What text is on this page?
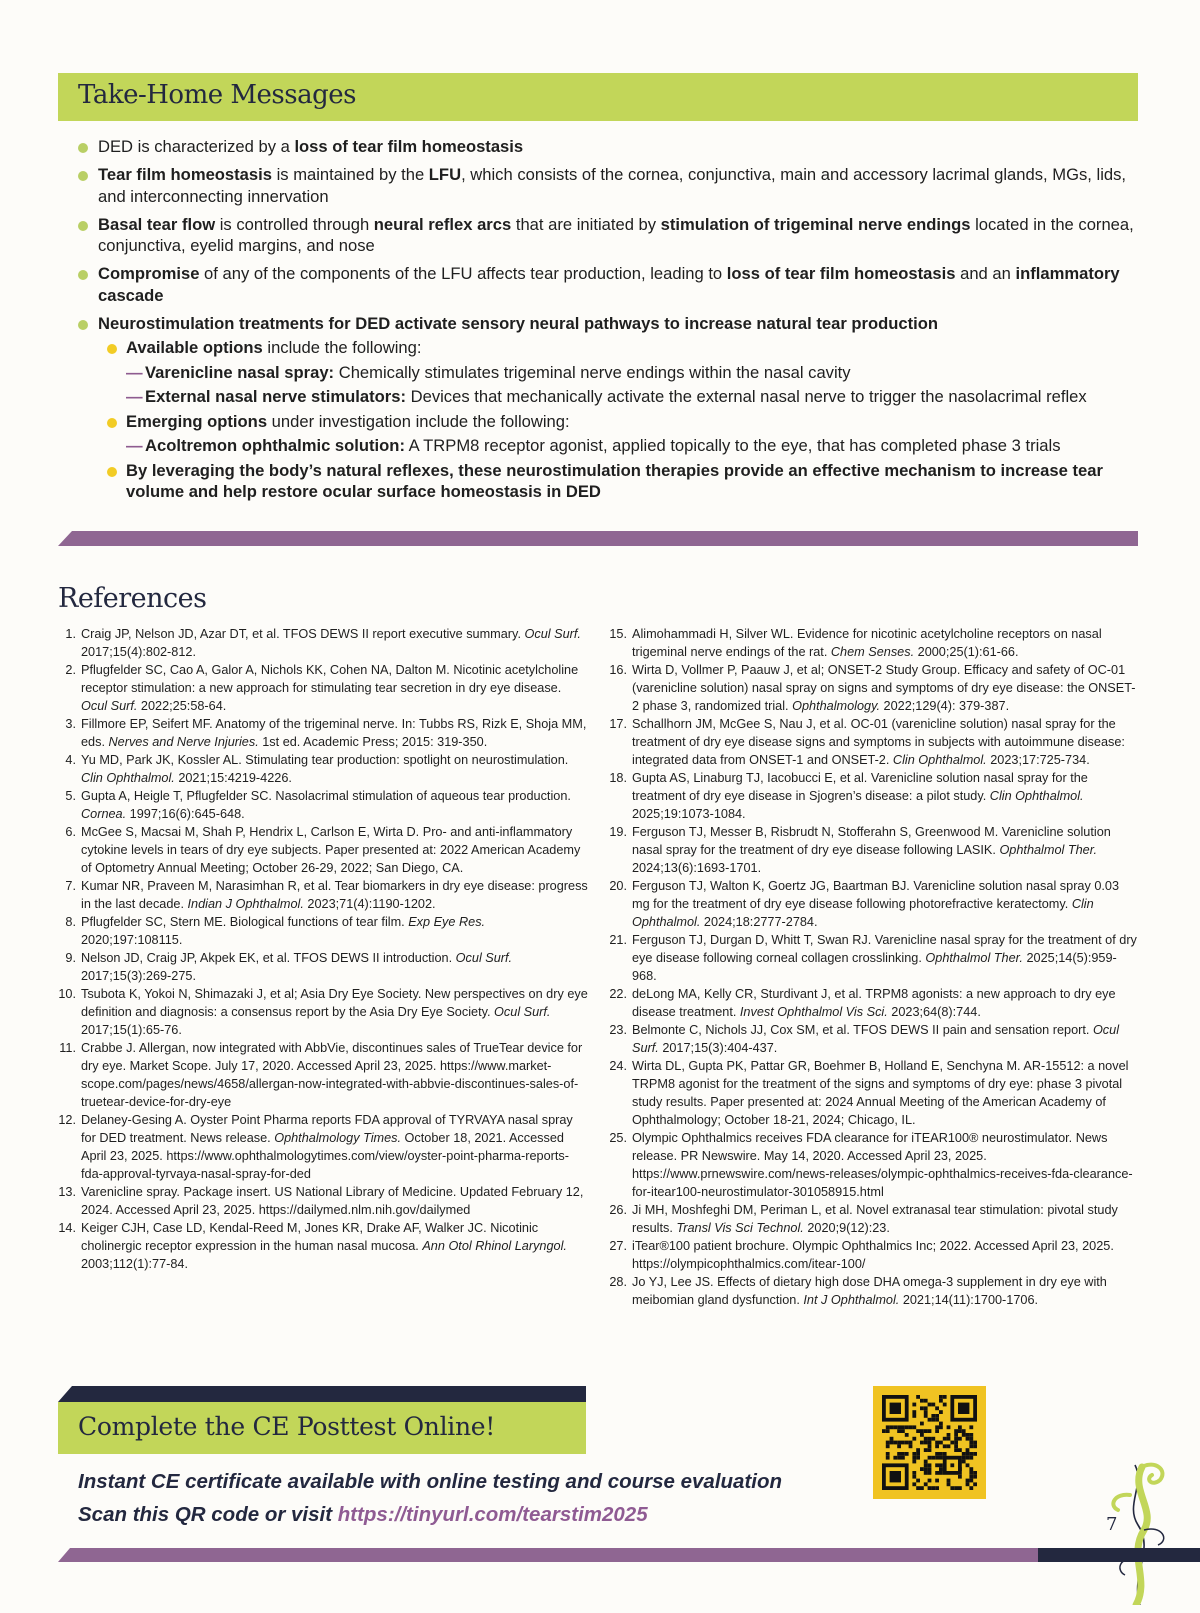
Take-Home Messages
DED is characterized by a loss of tear film homeostasis
Tear film homeostasis is maintained by the LFU, which consists of the cornea, conjunctiva, main and accessory lacrimal glands, MGs, lids, and interconnecting innervation
Basal tear flow is controlled through neural reflex arcs that are initiated by stimulation of trigeminal nerve endings located in the cornea, conjunctiva, eyelid margins, and nose
Compromise of any of the components of the LFU affects tear production, leading to loss of tear film homeostasis and an inflammatory cascade
Neurostimulation treatments for DED activate sensory neural pathways to increase natural tear production
Available options include the following:
— Varenicline nasal spray: Chemically stimulates trigeminal nerve endings within the nasal cavity
— External nasal nerve stimulators: Devices that mechanically activate the external nasal nerve to trigger the nasolacrimal reflex
Emerging options under investigation include the following:
— Acoltremon ophthalmic solution: A TRPM8 receptor agonist, applied topically to the eye, that has completed phase 3 trials
By leveraging the body’s natural reflexes, these neurostimulation therapies provide an effective mechanism to increase tear volume and help restore ocular surface homeostasis in DED
References
1. Craig JP, Nelson JD, Azar DT, et al. TFOS DEWS II report executive summary. Ocul Surf. 2017;15(4):802-812.
2. Pflugfelder SC, Cao A, Galor A, Nichols KK, Cohen NA, Dalton M. Nicotinic acetylcholine receptor stimulation: a new approach for stimulating tear secretion in dry eye disease. Ocul Surf. 2022;25:58-64.
3. Fillmore EP, Seifert MF. Anatomy of the trigeminal nerve. In: Tubbs RS, Rizk E, Shoja MM, eds. Nerves and Nerve Injuries. 1st ed. Academic Press; 2015: 319-350.
4. Yu MD, Park JK, Kossler AL. Stimulating tear production: spotlight on neurostimulation. Clin Ophthalmol. 2021;15:4219-4226.
5. Gupta A, Heigle T, Pflugfelder SC. Nasolacrimal stimulation of aqueous tear production. Cornea. 1997;16(6):645-648.
6. McGee S, Macsai M, Shah P, Hendrix L, Carlson E, Wirta D. Pro- and anti-inflammatory cytokine levels in tears of dry eye subjects. Paper presented at: 2022 American Academy of Optometry Annual Meeting; October 26-29, 2022; San Diego, CA.
7. Kumar NR, Praveen M, Narasimhan R, et al. Tear biomarkers in dry eye disease: progress in the last decade. Indian J Ophthalmol. 2023;71(4):1190-1202.
8. Pflugfelder SC, Stern ME. Biological functions of tear film. Exp Eye Res. 2020;197:108115.
9. Nelson JD, Craig JP, Akpek EK, et al. TFOS DEWS II introduction. Ocul Surf. 2017;15(3):269-275.
10. Tsubota K, Yokoi N, Shimazaki J, et al; Asia Dry Eye Society. New perspectives on dry eye definition and diagnosis: a consensus report by the Asia Dry Eye Society. Ocul Surf. 2017;15(1):65-76.
11. Crabbe J. Allergan, now integrated with AbbVie, discontinues sales of TrueTear device for dry eye. Market Scope. July 17, 2020. Accessed April 23, 2025. https://www.market-scope.com/pages/news/4658/allergan-now-integrated-with-abbvie-discontinues-sales-of-truetear-device-for-dry-eye
12. Delaney-Gesing A. Oyster Point Pharma reports FDA approval of TYRVAYA nasal spray for DED treatment. News release. Ophthalmology Times. October 18, 2021. Accessed April 23, 2025. https://www.ophthalmologytimes.com/view/oyster-point-pharma-reports-fda-approval-tyrvaya-nasal-spray-for-ded
13. Varenicline spray. Package insert. US National Library of Medicine. Updated February 12, 2024. Accessed April 23, 2025. https://dailymed.nlm.nih.gov/dailymed
14. Keiger CJH, Case LD, Kendal-Reed M, Jones KR, Drake AF, Walker JC. Nicotinic cholinergic receptor expression in the human nasal mucosa. Ann Otol Rhinol Laryngol. 2003;112(1):77-84.
15. Alimohammadi H, Silver WL. Evidence for nicotinic acetylcholine receptors on nasal trigeminal nerve endings of the rat. Chem Senses. 2000;25(1):61-66.
16. Wirta D, Vollmer P, Paauw J, et al; ONSET-2 Study Group. Efficacy and safety of OC-01 (varenicline solution) nasal spray on signs and symptoms of dry eye disease: the ONSET-2 phase 3, randomized trial. Ophthalmology. 2022;129(4): 379-387.
17. Schallhorn JM, McGee S, Nau J, et al. OC-01 (varenicline solution) nasal spray for the treatment of dry eye disease signs and symptoms in subjects with autoimmune disease: integrated data from ONSET-1 and ONSET-2. Clin Ophthalmol. 2023;17:725-734.
18. Gupta AS, Linaburg TJ, Iacobucci E, et al. Varenicline solution nasal spray for the treatment of dry eye disease in Sjogren’s disease: a pilot study. Clin Ophthalmol. 2025;19:1073-1084.
19. Ferguson TJ, Messer B, Risbrudt N, Stofferahn S, Greenwood M. Varenicline solution nasal spray for the treatment of dry eye disease following LASIK. Ophthalmol Ther. 2024;13(6):1693-1701.
20. Ferguson TJ, Walton K, Goertz JG, Baartman BJ. Varenicline solution nasal spray 0.03 mg for the treatment of dry eye disease following photorefractive keratectomy. Clin Ophthalmol. 2024;18:2777-2784.
21. Ferguson TJ, Durgan D, Whitt T, Swan RJ. Varenicline nasal spray for the treatment of dry eye disease following corneal collagen crosslinking. Ophthalmol Ther. 2025;14(5):959-968.
22. deLong MA, Kelly CR, Sturdivant J, et al. TRPM8 agonists: a new approach to dry eye disease treatment. Invest Ophthalmol Vis Sci. 2023;64(8):744.
23. Belmonte C, Nichols JJ, Cox SM, et al. TFOS DEWS II pain and sensation report. Ocul Surf. 2017;15(3):404-437.
24. Wirta DL, Gupta PK, Pattar GR, Boehmer B, Holland E, Senchyna M. AR-15512: a novel TRPM8 agonist for the treatment of the signs and symptoms of dry eye: phase 3 pivotal study results. Paper presented at: 2024 Annual Meeting of the American Academy of Ophthalmology; October 18-21, 2024; Chicago, IL.
25. Olympic Ophthalmics receives FDA clearance for iTEAR100® neurostimulator. News release. PR Newswire. May 14, 2020. Accessed April 23, 2025. https://www.prnewswire.com/news-releases/olympic-ophthalmics-receives-fda-clearance-for-itear100-neurostimulator-301058915.html
26. Ji MH, Moshfeghi DM, Periman L, et al. Novel extranasal tear stimulation: pivotal study results. Transl Vis Sci Technol. 2020;9(12):23.
27. iTear®100 patient brochure. Olympic Ophthalmics Inc; 2022. Accessed April 23, 2025. https://olympicophthalmics.com/itear-100/
28. Jo YJ, Lee JS. Effects of dietary high dose DHA omega-3 supplement in dry eye with meibomian gland dysfunction. Int J Ophthalmol. 2021;14(11):1700-1706.
Complete the CE Posttest Online!
Instant CE certificate available with online testing and course evaluation
Scan this QR code or visit https://tinyurl.com/tearstim2025	7
